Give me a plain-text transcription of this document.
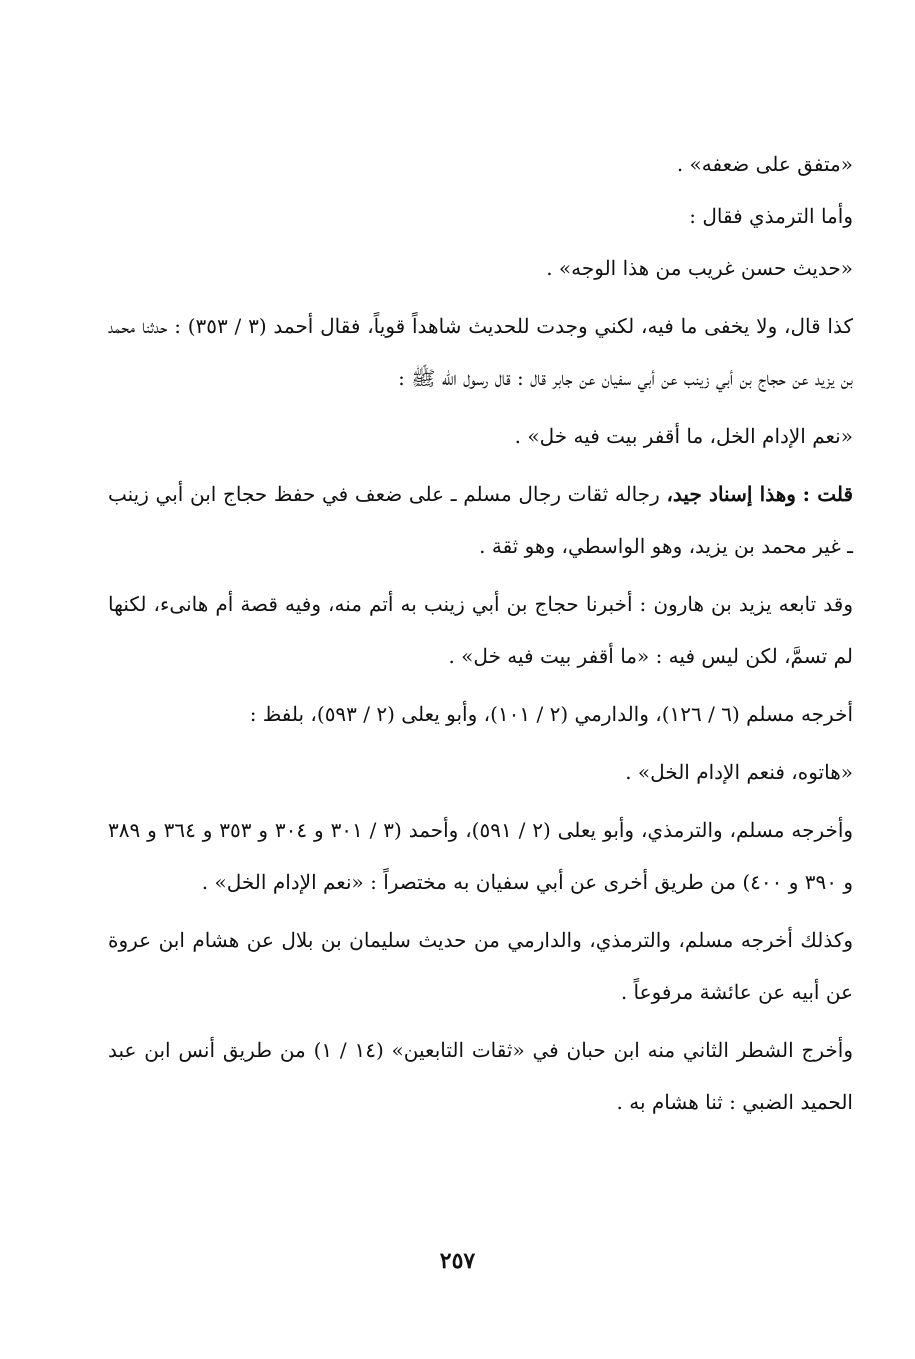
«متفق على ضعفه» .

وأما الترمذي فقال :

«حديث حسن غريب من هذا الوجه» .

كذا قال، ولا يخفى ما فيه، لكني وجدت للحديث شاهداً قوياً، فقال أحمد (٣ / ٣٥٣) : حدثنا محمد بن يزيد عن حجاج بن أبي زينب عن أبي سفيان عن جابر قال : قال رسول الله ﷺ :

«نعم الإدام الخل، ما أقفر بيت فيه خل» .

قلت : وهذا إسناد جيد، رجاله ثقات رجال مسلم ـ على ضعف في حفظ حجاج ابن أبي زينب ـ غير محمد بن يزيد، وهو الواسطي، وهو ثقة .

وقد تابعه يزيد بن هارون : أخبرنا حجاج بن أبي زينب به أتم منه، وفيه قصة أم هانىء، لكنها لم تسمَّ، لكن ليس فيه : «ما أقفر بيت فيه خل» .

أخرجه مسلم (٦ / ١٢٦)، والدارمي (٢ / ١٠١)، وأبو يعلى (٢ / ٥٩٣)، بلفظ :

«هاتوه، فنعم الإدام الخل» .

وأخرجه مسلم، والترمذي، وأبو يعلى (٢ / ٥٩١)، وأحمد (٣ / ٣٠١ و ٣٠٤ و ٣٥٣ و ٣٦٤ و ٣٨٩ و ٣٩٠ و ٤٠٠) من طريق أخرى عن أبي سفيان به مختصراً : «نعم الإدام الخل» .

وكذلك أخرجه مسلم، والترمذي، والدارمي من حديث سليمان بن بلال عن هشام ابن عروة عن أبيه عن عائشة مرفوعاً .

وأخرج الشطر الثاني منه ابن حبان في «ثقات التابعين» (١٤ / ١) من طريق أنس ابن عبد الحميد الضبي : ثنا هشام به .

٢٥٧
